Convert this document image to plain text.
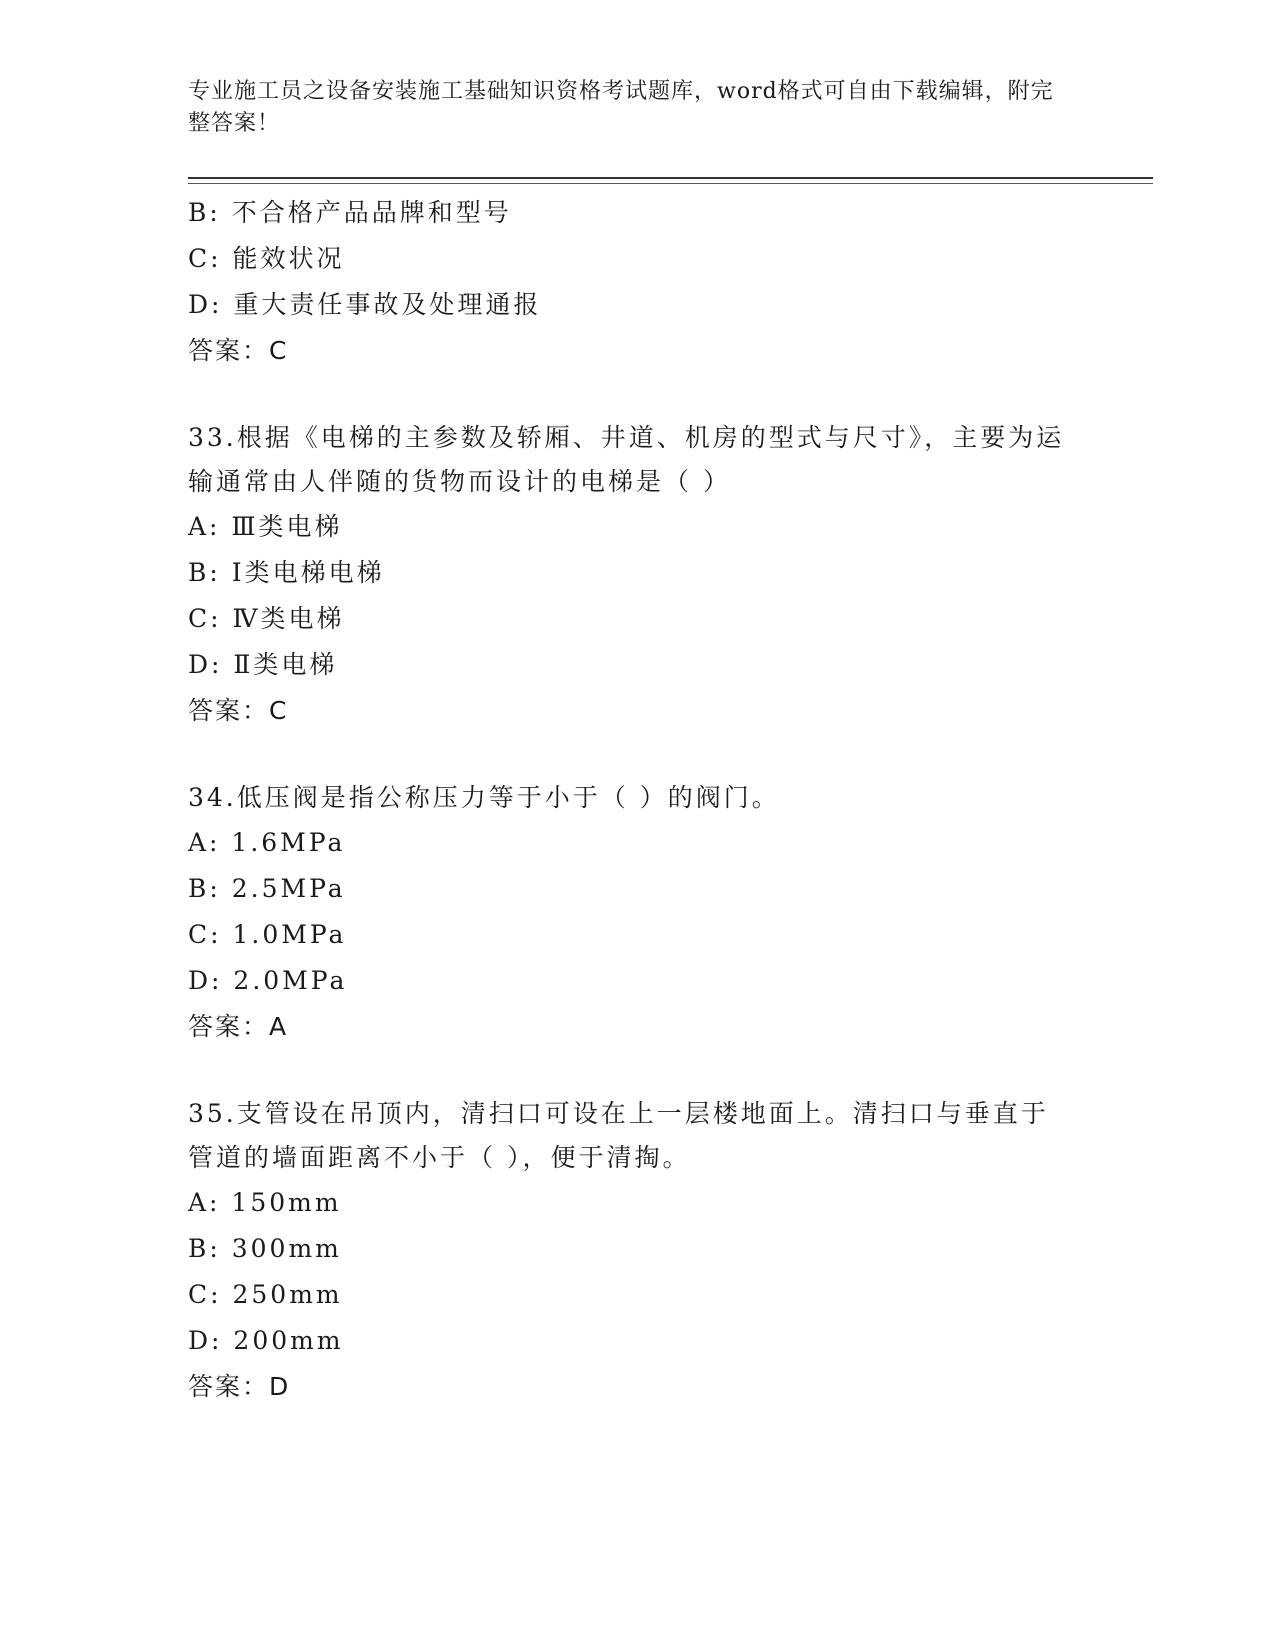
专业施工员之设备安装施工基础知识资格考试题库，word格式可自由下载编辑，附完整答案！
B: 不合格产品品牌和型号
C: 能效状况
D: 重大责任事故及处理通报
答案：C
33.根据《电梯的主参数及轿厢、井道、机房的型式与尺寸》，主要为运输通常由人伴随的货物而设计的电梯是（ ）
A: Ⅲ类电梯
B: Ⅰ类电梯电梯
C: Ⅳ类电梯
D: Ⅱ类电梯
答案：C
34.低压阀是指公称压力等于小于（ ）的阀门。
A: 1.6MPa
B: 2.5MPa
C: 1.0MPa
D: 2.0MPa
答案：A
35.支管设在吊顶内，清扫口可设在上一层楼地面上。清扫口与垂直于管道的墙面距离不小于（ ），便于清掏。
A: 150mm
B: 300mm
C: 250mm
D: 200mm
答案：D
